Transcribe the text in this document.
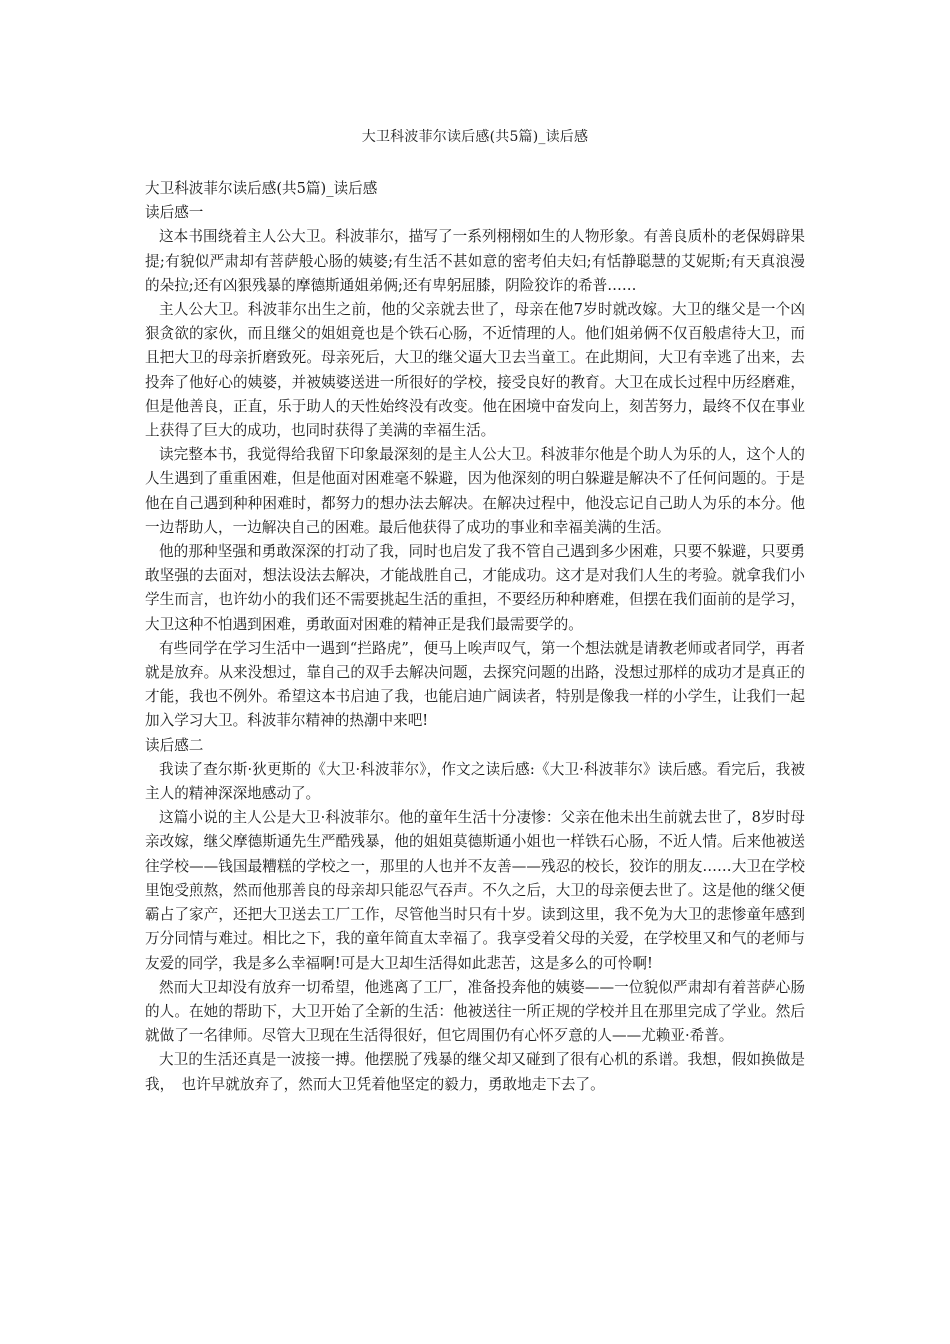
大卫科波菲尔读后感(共5篇)_读后感

大卫科波菲尔读后感(共5篇)_读后感

读后感一

这本书围绕着主人公大卫。科波菲尔，描写了一系列栩栩如生的人物形象。有善良质朴的老保姆辟果提;有貌似严肃却有菩萨般心肠的姨婆;有生活不甚如意的密考伯夫妇;有恬静聪慧的艾妮斯;有天真浪漫的朵拉;还有凶狠残暴的摩德斯通姐弟俩;还有卑躬屈膝，阴险狡诈的希普……

主人公大卫。科波菲尔出生之前，他的父亲就去世了，母亲在他7岁时就改嫁。大卫的继父是一个凶狠贪欲的家伙，而且继父的姐姐竟也是个铁石心肠，不近情理的人。他们姐弟俩不仅百般虐待大卫，而且把大卫的母亲折磨致死。母亲死后，大卫的继父逼大卫去当童工。在此期间，大卫有幸逃了出来，去投奔了他好心的姨婆，并被姨婆送进一所很好的学校，接受良好的教育。大卫在成长过程中历经磨难，但是他善良，正直，乐于助人的天性始终没有改变。他在困境中奋发向上，刻苦努力，最终不仅在事业上获得了巨大的成功，也同时获得了美满的幸福生活。

读完整本书，我觉得给我留下印象最深刻的是主人公大卫。科波菲尔他是个助人为乐的人，这个人的人生遇到了重重困难，但是他面对困难毫不躲避，因为他深刻的明白躲避是解决不了任何问题的。于是他在自己遇到种种困难时，都努力的想办法去解决。在解决过程中，他没忘记自己助人为乐的本分。他一边帮助人，一边解决自己的困难。最后他获得了成功的事业和幸福美满的生活。

他的那种坚强和勇敢深深的打动了我，同时也启发了我不管自己遇到多少困难，只要不躲避，只要勇敢坚强的去面对，想法设法去解决，才能战胜自己，才能成功。这才是对我们人生的考验。就拿我们小学生而言，也许幼小的我们还不需要挑起生活的重担，不要经历种种磨难，但摆在我们面前的是学习，大卫这种不怕遇到困难，勇敢面对困难的精神正是我们最需要学的。

有些同学在学习生活中一遇到“拦路虎”，便马上唉声叹气，第一个想法就是请教老师或者同学，再者就是放弃。从来没想过，靠自己的双手去解决问题，去探究问题的出路，没想过那样的成功才是真正的才能，我也不例外。希望这本书启迪了我，也能启迪广阔读者，特别是像我一样的小学生，让我们一起加入学习大卫。科波菲尔精神的热潮中来吧!

读后感二

我读了查尔斯·狄更斯的《大卫·科波菲尔》，作文之读后感:《大卫·科波菲尔》读后感。看完后，我被主人的精神深深地感动了。

这篇小说的主人公是大卫·科波菲尔。他的童年生活十分凄惨：父亲在他未出生前就去世了，8岁时母亲改嫁，继父摩德斯通先生严酷残暴，他的姐姐莫德斯通小姐也一样铁石心肠，不近人情。后来他被送往学校——钱国最糟糕的学校之一，那里的人也并不友善——残忍的校长，狡诈的朋友……大卫在学校里饱受煎熬，然而他那善良的母亲却只能忍气吞声。不久之后，大卫的母亲便去世了。这是他的继父便霸占了家产，还把大卫送去工厂工作，尽管他当时只有十岁。读到这里，我不免为大卫的悲惨童年感到万分同情与难过。相比之下，我的童年简直太幸福了。我享受着父母的关爱，在学校里又和气的老师与友爱的同学，我是多么幸福啊!可是大卫却生活得如此悲苦，这是多么的可怜啊!

然而大卫却没有放弃一切希望，他逃离了工厂，准备投奔他的姨婆——一位貌似严肃却有着菩萨心肠的人。在她的帮助下，大卫开始了全新的生活：他被送往一所正规的学校并且在那里完成了学业。然后就做了一名律师。尽管大卫现在生活得很好，但它周围仍有心怀歹意的人——尤赖亚·希普。

大卫的生活还真是一波接一搏。他摆脱了残暴的继父却又碰到了很有心机的系谱。我想，假如换做是我，　也许早就放弃了，然而大卫凭着他坚定的毅力，勇敢地走下去了。
